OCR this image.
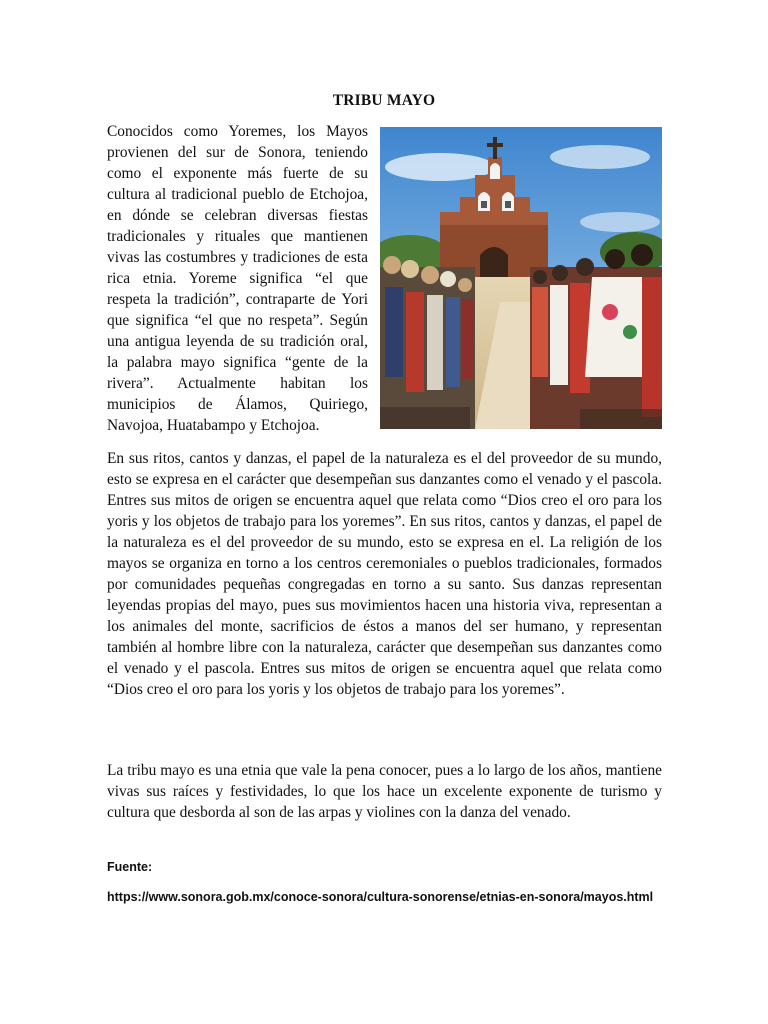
TRIBU MAYO

Conocidos como Yoremes, los Mayos provienen del sur de Sonora, teniendo como el exponente más fuerte de su cultura al tradicional pueblo de Etchojoa, en dónde se celebran diversas fiestas tradicionales y rituales que mantienen vivas las costumbres y tradiciones de esta rica etnia. Yoreme significa “el que respeta la tradición”, contraparte de Yori que significa “el que no respeta”. Según una antigua leyenda de su tradición oral, la palabra mayo significa “gente de la rivera”. Actualmente habitan los municipios de Álamos, Quiriego, Navojoa, Huatabampo y Etchojoa.

En sus ritos, cantos y danzas, el papel de la naturaleza es el del proveedor de su mundo, esto se expresa en el carácter que desempeñan sus danzantes como el venado y el pascola. Entres sus mitos de origen se encuentra aquel que relata como “Dios creo el oro para los yoris y los objetos de trabajo para los yoremes”. En sus ritos, cantos y danzas, el papel de la naturaleza es el del proveedor de su mundo, esto se expresa en el. La religión de los mayos se organiza en torno a los centros ceremoniales o pueblos tradicionales, formados por comunidades pequeñas congregadas en torno a su santo. Sus danzas representan leyendas propias del mayo, pues sus movimientos hacen una historia viva, representan a los animales del monte, sacrificios de éstos a manos del ser humano, y representan también al hombre libre con la naturaleza, carácter que desempeñan sus danzantes como el venado y el pascola. Entres sus mitos de origen se encuentra aquel que relata como “Dios creo el oro para los yoris y los objetos de trabajo para los yoremes”.

La tribu mayo es una etnia que vale la pena conocer, pues a lo largo de los años, mantiene vivas sus raíces y festividades, lo que los hace un excelente exponente de turismo y cultura que desborda al son de las arpas y violines con la danza del venado.

Fuente:
https://www.sonora.gob.mx/conoce-sonora/cultura-sonorense/etnias-en-sonora/mayos.html
